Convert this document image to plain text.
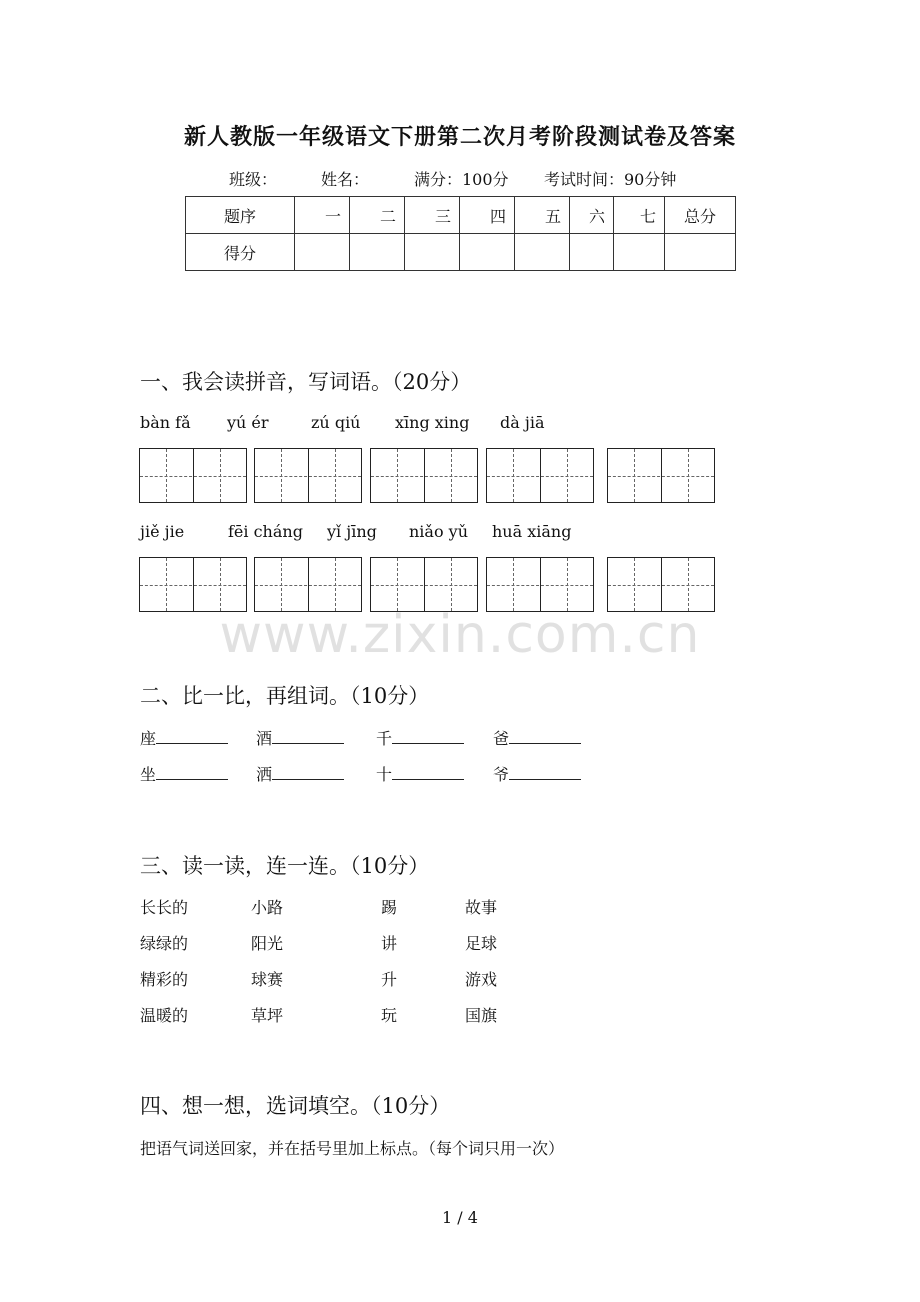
新人教版一年级语文下册第二次月考阶段测试卷及答案
班级：	姓名：	满分：100分 考试时间：90分钟
题序	一	二	三	四	五	六	七	总分
得分								
一、我会读拼音，写词语。（20分）
bàn fǎ yú ér	zú qiú xīng xing dà jiā
jiě jie	fēi cháng yǐ jīng niǎo yǔ huā xiāng
www.zixin.com.cn
二、比一比，再组词。（10分）
座	酒	千	爸
坐	洒	十	爷
三、读一读，连一连。（10分）
长长的	小路	踢	故事
绿绿的	阳光	讲	足球
精彩的	球赛	升	游戏
温暖的	草坪	玩	国旗
四、想一想，选词填空。（10分）
把语气词送回家，并在括号里加上标点。（每个词只用一次）
1 / 4
